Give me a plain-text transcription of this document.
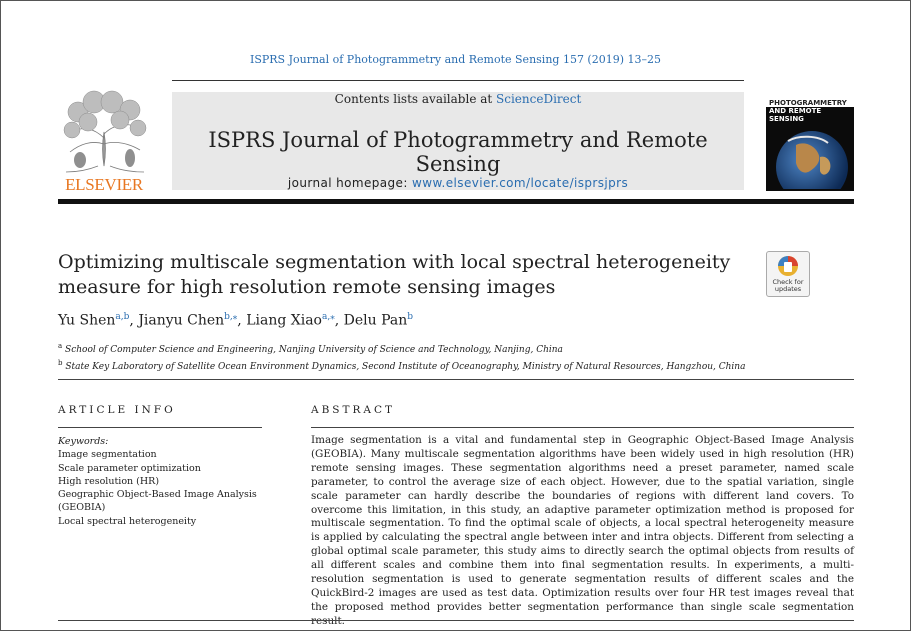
ISPRS Journal of Photogrammetry and Remote Sensing 157 (2019) 13–25
ELSEVIER
Contents lists available at ScienceDirect
ISPRS Journal of Photogrammetry and Remote Sensing
journal homepage: www.elsevier.com/locate/isprsjprs
PHOTOGRAMMETRY
AND REMOTE SENSING
Optimizing multiscale segmentation with local spectral heterogeneity
measure for high resolution remote sensing images	Check for
updates
Yu Shen$^{a,b}$, Jianyu Chen$^{b,⁎}$, Liang Xiao$^{a,⁎}$, Delu Pan$^b$
$^a$ School of Computer Science and Engineering, Nanjing University of Science and Technology, Nanjing, China
$^b$ State Key Laboratory of Satellite Ocean Environment Dynamics, Second Institute of Oceanography, Ministry of Natural Resources, Hangzhou, China
ARTICLE INFO	ABSTRACT
Keywords:
Image segmentation
Scale parameter optimization
High resolution (HR)
Geographic Object-Based Image Analysis
(GEOBIA)
Local spectral heterogeneity
Image segmentation is a vital and fundamental step in Geographic Object-Based Image Analysis (GEOBIA). Many multiscale segmentation algorithms have been widely used in high resolution (HR) remote sensing images. These segmentation algorithms need a preset parameter, named scale parameter, to control the average size of each object. However, due to the spatial variation, single scale parameter can hardly describe the boundaries of regions with different land covers. To overcome this limitation, in this study, an adaptive parameter optimization method is proposed for multiscale segmentation. To find the optimal scale of objects, a local spectral heterogeneity measure is applied by calculating the spectral angle between inter and intra objects. Different from selecting a global optimal scale parameter, this study aims to directly search the optimal objects from results of all different scales and combine them into final segmentation results. In experiments, a multi-resolution segmentation is used to generate segmentation results of different scales and the QuickBird-2 images are used as test data. Optimization results over four HR test images reveal that the proposed method provides better segmentation performance than single scale segmentation
